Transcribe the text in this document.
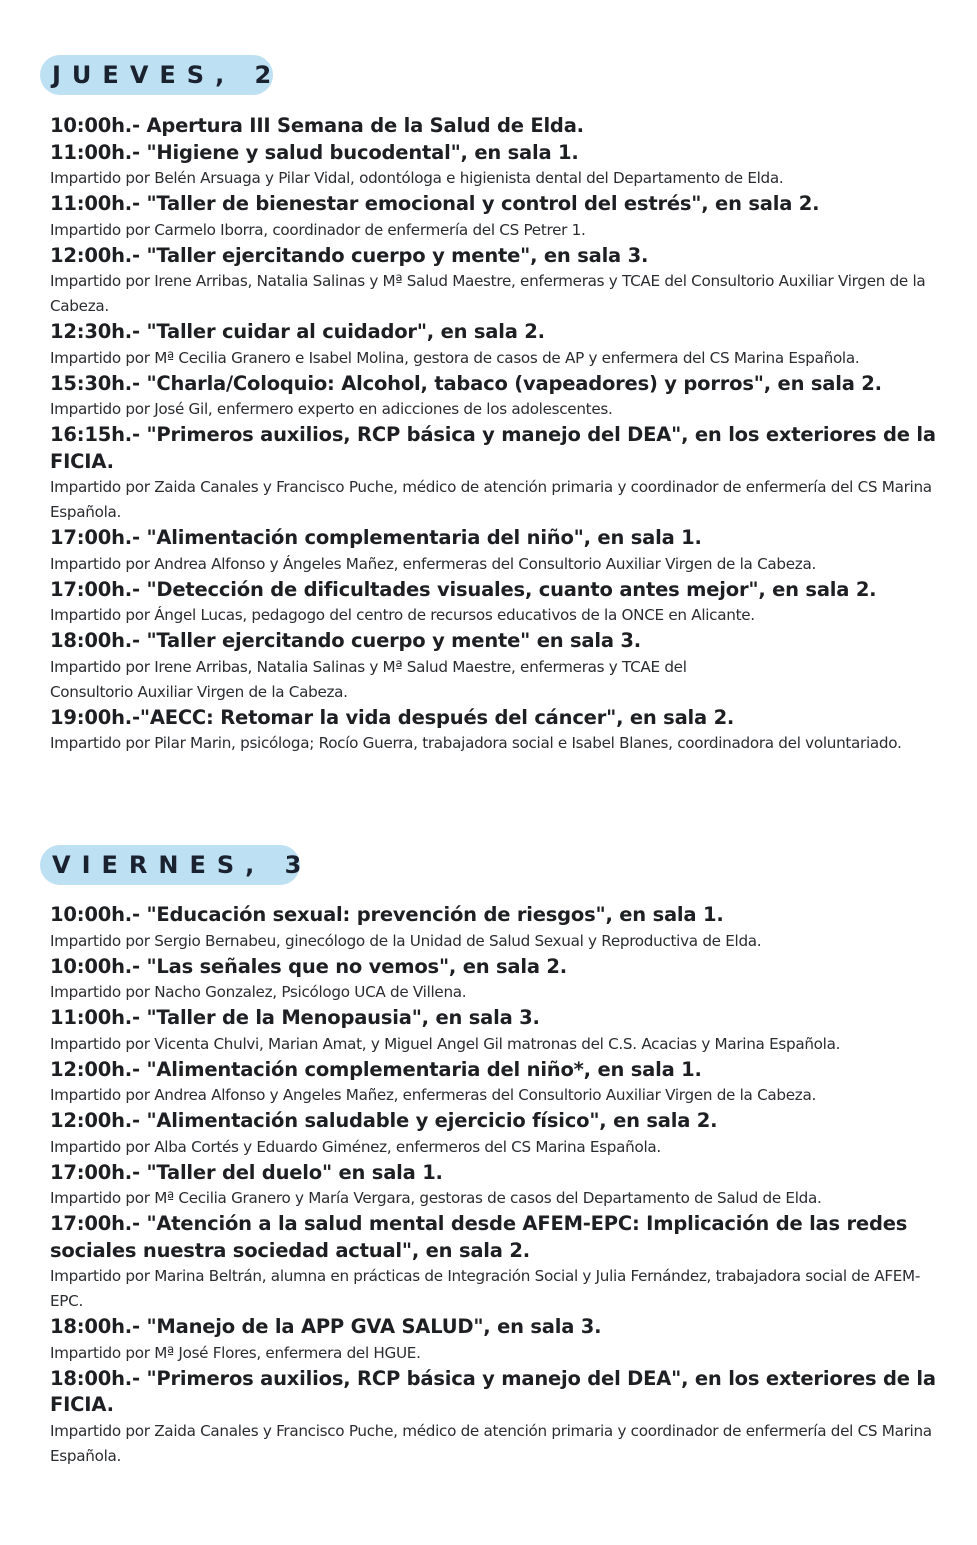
JUEVES, 2
10:00h.- Apertura III Semana de la Salud de Elda.
11:00h.- "Higiene y salud bucodental", en sala 1.
Impartido por Belén Arsuaga y Pilar Vidal, odontóloga e higienista dental del Departamento de Elda.
11:00h.- "Taller de bienestar emocional y control del estrés", en sala 2.
Impartido por Carmelo Iborra, coordinador de enfermería del CS Petrer 1.
12:00h.- "Taller ejercitando cuerpo y mente", en sala 3.
Impartido por Irene Arribas, Natalia Salinas y Mª Salud Maestre, enfermeras y TCAE del Consultorio Auxiliar Virgen de la Cabeza.
12:30h.- "Taller cuidar al cuidador", en sala 2.
Impartido por Mª Cecilia Granero e Isabel Molina, gestora de casos de AP y enfermera del CS Marina Española.
15:30h.- "Charla/Coloquio: Alcohol, tabaco (vapeadores) y porros", en sala 2.
Impartido por José Gil, enfermero experto en adicciones de los adolescentes.
16:15h.- "Primeros auxilios, RCP básica y manejo del DEA", en los exteriores de la FICIA.
Impartido por Zaida Canales y Francisco Puche, médico de atención primaria y coordinador de enfermería del CS Marina Española.
17:00h.- "Alimentación complementaria del niño", en sala 1.
Impartido por Andrea Alfonso y Ángeles Mañez, enfermeras del Consultorio Auxiliar Virgen de la Cabeza.
17:00h.- "Detección de dificultades visuales, cuanto antes mejor", en sala 2.
Impartido por Ángel Lucas, pedagogo del centro de recursos educativos de la ONCE en Alicante.
18:00h.- "Taller ejercitando cuerpo y mente" en sala 3.
Impartido por Irene Arribas, Natalia Salinas y Mª Salud Maestre, enfermeras y TCAE del
Consultorio Auxiliar Virgen de la Cabeza.
19:00h.-"AECC: Retomar la vida después del cáncer", en sala 2.
Impartido por Pilar Marin, psicóloga; Rocío Guerra, trabajadora social e Isabel Blanes, coordinadora del voluntariado.
VIERNES, 3
10:00h.- "Educación sexual: prevención de riesgos", en sala 1.
Impartido por Sergio Bernabeu, ginecólogo de la Unidad de Salud Sexual y Reproductiva de Elda.
10:00h.- "Las señales que no vemos", en sala 2.
Impartido por Nacho Gonzalez, Psicólogo UCA de Villena.
11:00h.- "Taller de la Menopausia", en sala 3.
Impartido por Vicenta Chulvi, Marian Amat, y Miguel Angel Gil matronas del C.S. Acacias y Marina Española.
12:00h.- "Alimentación complementaria del niño*, en sala 1.
Impartido por Andrea Alfonso y Angeles Mañez, enfermeras del Consultorio Auxiliar Virgen de la Cabeza.
12:00h.- "Alimentación saludable y ejercicio físico", en sala 2.
Impartido por Alba Cortés y Eduardo Giménez, enfermeros del CS Marina Española.
17:00h.- "Taller del duelo" en sala 1.
Impartido por Mª Cecilia Granero y María Vergara, gestoras de casos del Departamento de Salud de Elda.
17:00h.- "Atención a la salud mental desde AFEM-EPC: Implicación de las redes sociales nuestra sociedad actual", en sala 2.
Impartido por Marina Beltrán, alumna en prácticas de Integración Social y Julia Fernández, trabajadora social de AFEM-EPC.
18:00h.- "Manejo de la APP GVA SALUD", en sala 3.
Impartido por Mª José Flores, enfermera del HGUE.
18:00h.- "Primeros auxilios, RCP básica y manejo del DEA", en los exteriores de la FICIA.
Impartido por Zaida Canales y Francisco Puche, médico de atención primaria y coordinador de enfermería del CS Marina Española.
